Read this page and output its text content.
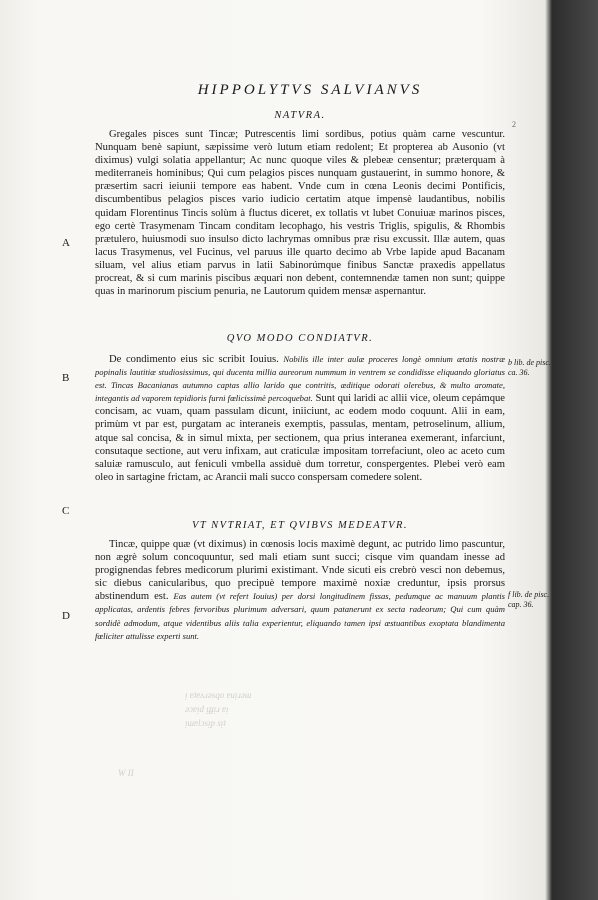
2
HIPPOLYTVS SALVIANVS
NATVRA.

Gregales pisces sunt Tincæ; Putrescentis limi sordibus, potius quàm carne vescuntur. Nunquam benè sapiunt, sæpissime verò lutum etiam redolent; Et propterea ab Ausonio (vt diximus) vulgi solatia appellantur; Ac nunc quoque viles & plebeæ censentur; præterquam à mediterraneis hominibus; Qui cum pelagios pisces nunquam gustauerint, in summo honore, & præsertim sacri ieiunii tempore eas habent. Vnde cum in cœna Leonis decimi Pontificis, discumbentibus pelagios pisces vario iudicio certatim atque impensè laudantibus, nobilis quidam Florentinus Tincis solùm à fluctus diceret, ex tollatis vt lubet Conuiuæ marinos pisces, ego certè Trasymenam Tincam conditam lecophago, his vestris Triglis, spigulis, & Rhombis prætulero, huiusmodi suo insulso dicto lachrymas omnibus præ risu excussit. Illæ autem, quas lacus Trasymenus, vel Fucinus, vel paruus ille quarto decimo ab Vrbe lapide apud Bacanam siluam, vel alius etiam parvus in latii Sabinorúmque finibus Sanctæ praxedis appellatus procreat, & si cum marinis piscibus æquari non debent, contemnendæ tamen non sunt; quippe quas in marinorum piscium penuria, ne Lautorum quidem mensæ aspernantur.

A
QVO MODO CONDIATVR.

De condimento eius sic scribit Iouius. Nobilis ille inter aulæ proceres longè omnium ætatis nostræ popinalis lautitiæ studiosissimus, qui ducenta millia aureorum nummum in ventrem se condidisse eliquando gloriatus est. Tincas Bacanianas autumno captas allio larido que contritis, æditique odorati olerebus, & multo aromate, integantis ad vaporem tepidioris furni fœlicissimè percoquebat. Sunt qui laridi ac allii vice, oleum cepámque concisam, ac vuam, quam passulam dicunt, iniiciunt, ac eodem modo coquunt. Alii in eam, primùm vt par est, purgatam ac interaneis exemptis, passulas, mentam, petroselinum, allium, atque sal concisa, & in simul mixta, per sectionem, qua prius interanea exemerant, infarciunt, consutaque sectione, aut veru infixam, aut craticulæ impositam torrefaciunt, oleo ac aceto cum saluiæ ramusculo, aut feniculi vmbella assiduè dum torretur, conspergentes. Plebei verò eam oleo in sartagine frictam, ac Arancii mali succo conspersam comedere solent.

B
b lib. de pisc. ca. 36.
C
VT NVTRIAT, ET QVIBVS MEDEATVR.

Tincæ, quippe quæ (vt diximus) in cœnosis locis maximè degunt, ac putrido limo pascuntur, non ægrè solum concoquuntur, sed mali etiam sunt succi; cisque vim quandam inesse ad progignendas febres medicorum plurimi existimant. Vnde sicuti eis crebrò vesci non debemus, sic diebus canicularibus, quo precipuè tempore maximè noxiæ creduntur, ipsis prorsus abstinendum est. Eas autem (vt refert Iouius) per dorsi longitudinem fissas, pedumque ac manuum plantis applicatas, ardentis febres fervoribus plurimum adversari, quum patanerunt ex secta radeorum; Qui cum quàm sordidè admodum, atque videntibus aliis talia experientur, eliquando tamen ipsi æstuantibus exoptata blandimenta fœliciter attulisse experti sunt.

D
f lib. de pisc. cap. 36.
ᴉ ɐʇɐʌɹǝsqo ɐuᴉɹǝɯ
ǝɔɐᴉd ᴉɟɟᴉɹ ɐᴉ
ᴉɯɐlɔsᴉp sᴉʇ
W II
